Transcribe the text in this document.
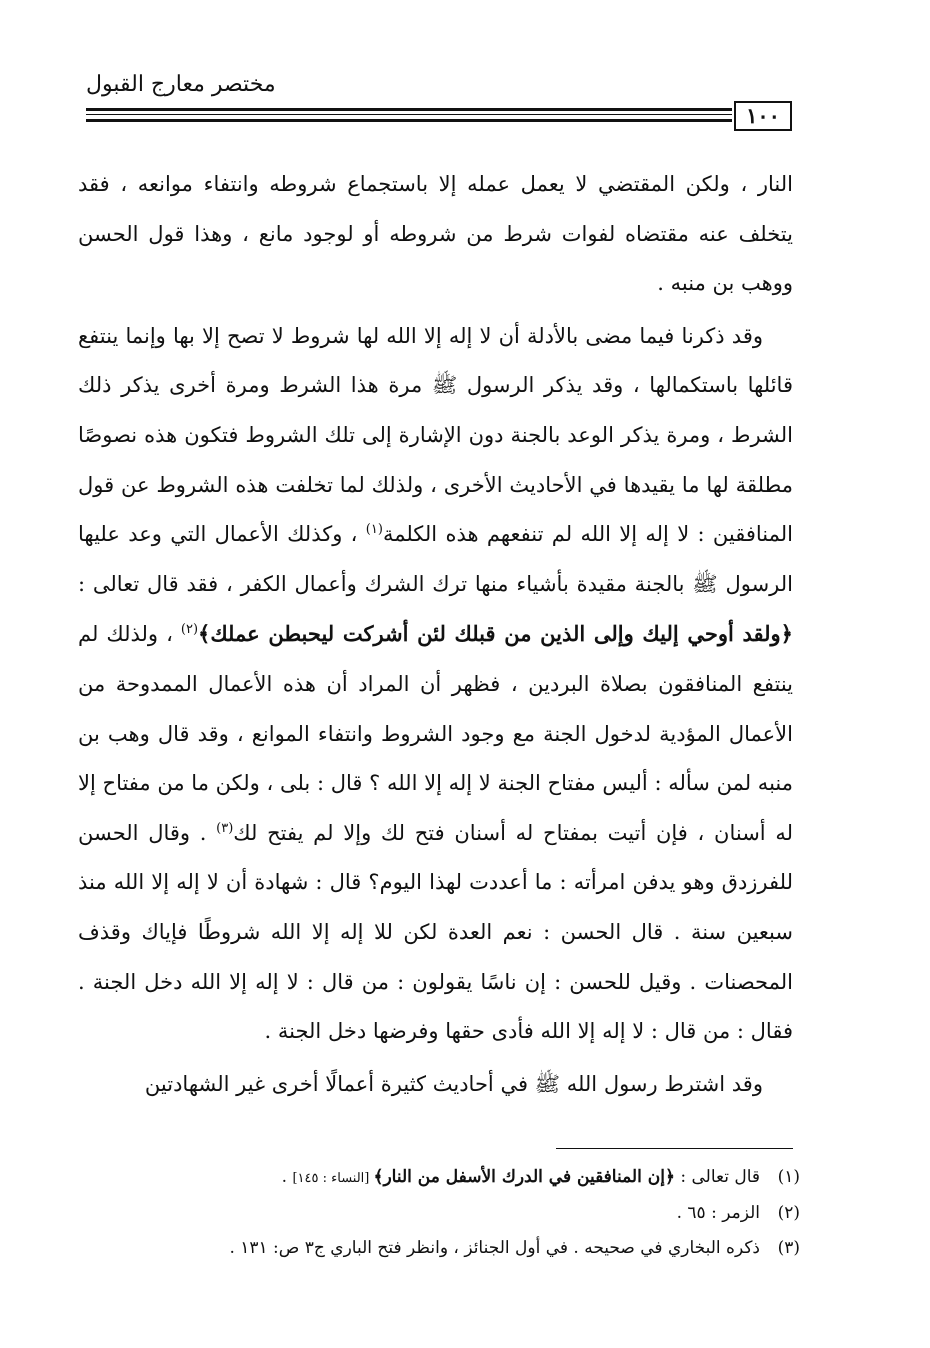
مختصر معارج القبول
١٠٠

النار ، ولكن المقتضي لا يعمل عمله إلا باستجماع شروطه وانتفاء موانعه ، فقد يتخلف عنه مقتضاه لفوات شرط من شروطه أو لوجود مانع ، وهذا قول الحسن ووهب بن منبه .

وقد ذكرنا فيما مضى بالأدلة أن لا إله إلا الله لها شروط لا تصح إلا بها وإنما ينتفع قائلها باستكمالها ، وقد يذكر الرسول ﷺ مرة هذا الشرط ومرة أخرى يذكر ذلك الشرط ، ومرة يذكر الوعد بالجنة دون الإشارة إلى تلك الشروط فتكون هذه نصوصًا مطلقة لها ما يقيدها في الأحاديث الأخرى ، ولذلك لما تخلفت هذه الشروط عن قول المنافقين : لا إله إلا الله لم تنفعهم هذه الكلمة$^{(١)}$ ، وكذلك الأعمال التي وعد عليها الرسول ﷺ بالجنة مقيدة بأشياء منها ترك الشرك وأعمال الكفر ، فقد قال تعالى : ﴿ولقد أوحي إليك وإلى الذين من قبلك لئن أشركت ليحبطن عملك﴾$^{(٢)}$ ، ولذلك لم ينتفع المنافقون بصلاة البردين ، فظهر أن المراد أن هذه الأعمال الممدوحة من الأعمال المؤدية لدخول الجنة مع وجود الشروط وانتفاء الموانع ، وقد قال وهب بن منبه لمن سأله : أليس مفتاح الجنة لا إله إلا الله ؟ قال : بلى ، ولكن ما من مفتاح إلا له أسنان ، فإن أتيت بمفتاح له أسنان فتح لك وإلا لم يفتح لك$^{(٣)}$ . وقال الحسن للفرزدق وهو يدفن امرأته : ما أعددت لهذا اليوم؟ قال : شهادة أن لا إله إلا الله منذ سبعين سنة . قال الحسن : نعم العدة لكن للا إله إلا الله شروطًا فإياك وقذف المحصنات . وقيل للحسن : إن ناسًا يقولون : من قال : لا إله إلا الله دخل الجنة . فقال : من قال : لا إله إلا الله فأدى حقها وفرضها دخل الجنة .

وقد اشترط رسول الله ﷺ في أحاديث كثيرة أعمالًا أخرى غير الشهادتين

(١)قال تعالى : ﴿إن المنافقين في الدرك الأسفل من النار﴾ [النساء : ١٤٥] .
(٢)الزمر : ٦٥ .
(٣)ذكره البخاري في صحيحه . في أول الجنائز ، وانظر فتح الباري ج٣ ص: ١٣١ .
